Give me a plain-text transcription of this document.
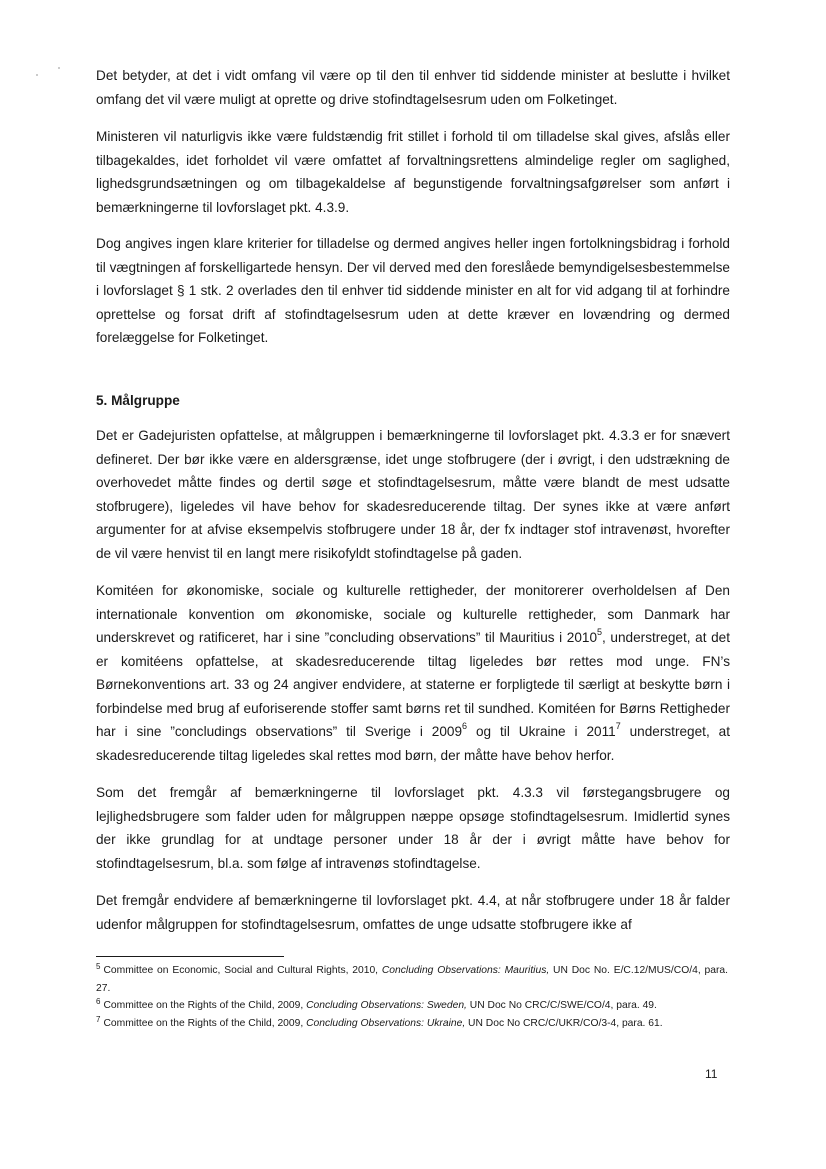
Det betyder, at det i vidt omfang vil være op til den til enhver tid siddende minister at beslutte i hvilket omfang det vil være muligt at oprette og drive stofindtagelsesrum uden om Folketinget.

Ministeren vil naturligvis ikke være fuldstændig frit stillet i forhold til om tilladelse skal gives, afslås eller tilbagekaldes, idet forholdet vil være omfattet af forvaltningsrettens almindelige regler om saglighed, lighedsgrundsætningen og om tilbagekaldelse af begunstigende forvaltningsafgørelser som anført i bemærkningerne til lovforslaget pkt. 4.3.9.

Dog angives ingen klare kriterier for tilladelse og dermed angives heller ingen fortolkningsbidrag i forhold til vægtningen af forskelligartede hensyn. Der vil derved med den foreslåede bemyndigelsesbestemmelse i lovforslaget § 1 stk. 2 overlades den til enhver tid siddende minister en alt for vid adgang til at forhindre oprettelse og forsat drift af stofindtagelsesrum uden at dette kræver en lovændring og dermed forelæggelse for Folketinget.

5. Målgruppe

Det er Gadejuristen opfattelse, at målgruppen i bemærkningerne til lovforslaget pkt. 4.3.3 er for snævert defineret. Der bør ikke være en aldersgrænse, idet unge stofbrugere (der i øvrigt, i den udstrækning de overhovedet måtte findes og dertil søge et stofindtagelsesrum, måtte være blandt de mest udsatte stofbrugere), ligeledes vil have behov for skadesreducerende tiltag. Der synes ikke at være anført argumenter for at afvise eksempelvis stofbrugere under 18 år, der fx indtager stof intravenøst, hvorefter de vil være henvist til en langt mere risikofyldt stofindtagelse på gaden.

Komitéen for økonomiske, sociale og kulturelle rettigheder, der monitorerer overholdelsen af Den internationale konvention om økonomiske, sociale og kulturelle rettigheder, som Danmark har underskrevet og ratificeret, har i sine ”concluding observations” til Mauritius i 2010$^5$, understreget, at det er komitéens opfattelse, at skadesreducerende tiltag ligeledes bør rettes mod unge. FN’s Børnekonventions art. 33 og 24 angiver endvidere, at staterne er forpligtede til særligt at beskytte børn i forbindelse med brug af euforiserende stoffer samt børns ret til sundhed. Komitéen for Børns Rettigheder har i sine ”concludings observations” til Sverige i 2009$^6$ og til Ukraine i 2011$^7$ understreget, at skadesreducerende tiltag ligeledes skal rettes mod børn, der måtte have behov herfor.

Som det fremgår af bemærkningerne til lovforslaget pkt. 4.3.3 vil førstegangsbrugere og lejlighedsbrugere som falder uden for målgruppen næppe opsøge stofindtagelsesrum. Imidlertid synes der ikke grundlag for at undtage personer under 18 år der i øvrigt måtte have behov for stofindtagelsesrum, bl.a. som følge af intravenøs stofindtagelse.

Det fremgår endvidere af bemærkningerne til lovforslaget pkt. 4.4, at når stofbrugere under 18 år falder udenfor målgruppen for stofindtagelsesrum, omfattes de unge udsatte stofbrugere ikke af

$^5$ Committee on Economic, Social and Cultural Rights, 2010, Concluding Observations: Mauritius, UN Doc No. E/C.12/MUS/CO/4, para. 27.

$^6$ Committee on the Rights of the Child, 2009, Concluding Observations: Sweden, UN Doc No CRC/C/SWE/CO/4, para. 49.

$^7$ Committee on the Rights of the Child, 2009, Concluding Observations: Ukraine, UN Doc No CRC/C/UKR/CO/3-4, para. 61.

11
